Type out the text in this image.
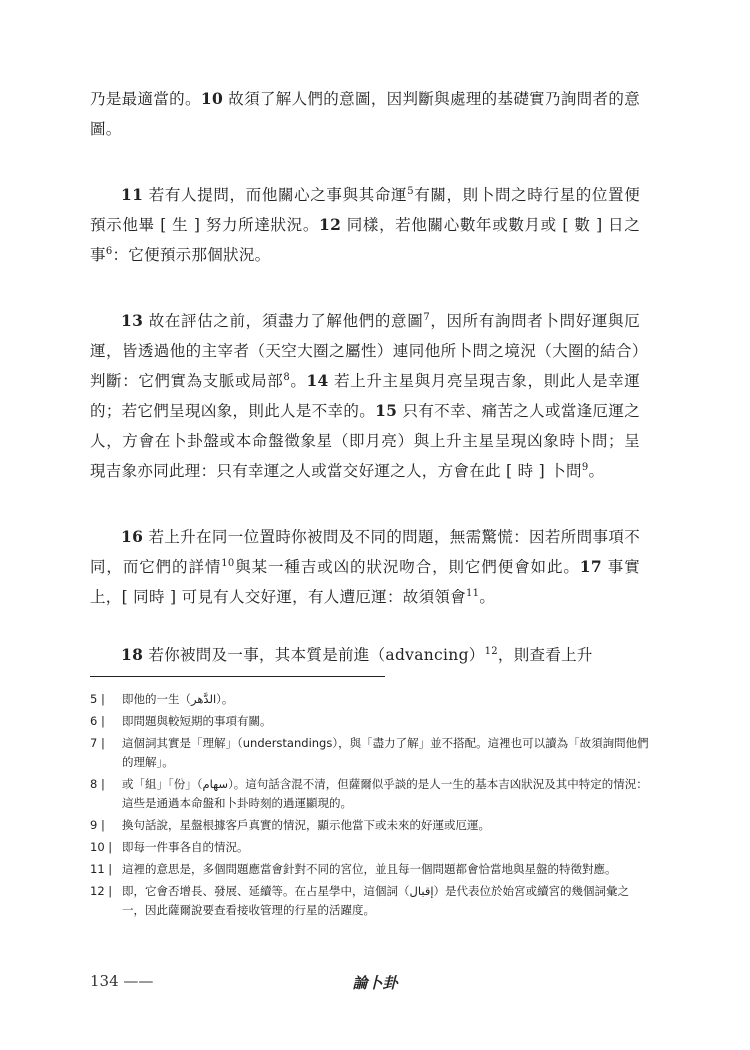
乃是最適當的。10 故須了解人們的意圖，因判斷與處理的基礎實乃詢問者的意圖。

11 若有人提問，而他關心之事與其命運$^5$有關，則卜問之時行星的位置便預示他畢 [ 生 ] 努力所達狀況。12 同樣，若他關心數年或數月或 [ 數 ] 日之事$^6$：它便預示那個狀況。

13 故在評估之前，須盡力了解他們的意圖$^7$，因所有詢問者卜問好運與厄運，皆透過他的主宰者（天空大圈之屬性）連同他所卜問之境況（大圈的結合）判斷：它們實為支脈或局部$^8$。14 若上升主星與月亮呈現吉象，則此人是幸運的；若它們呈現凶象，則此人是不幸的。15 只有不幸、痛苦之人或當逢厄運之人，方會在卜卦盤或本命盤徵象星（即月亮）與上升主星呈現凶象時卜問；呈現吉象亦同此理：只有幸運之人或當交好運之人，方會在此 [ 時 ] 卜問$^9$。

16 若上升在同一位置時你被問及不同的問題，無需驚慌：因若所問事項不同，而它們的詳情$^{10}$與某一種吉或凶的狀況吻合，則它們便會如此。17 事實上，[ 同時 ] 可見有人交好運，有人遭厄運：故須領會$^{11}$。

18 若你被問及一事，其本質是前進（advancing）$^{12}$，則查看上升

5 |	即他的一生（الدَّهر）。
6 |	即問題與較短期的事項有關。
7 |	這個詞其實是「理解」（understandings），與「盡力了解」並不搭配。這裡也可以讀為「故須詢問他們的理解」。
8 |	或「組」「份」（سهام）。這句話含混不清，但薩爾似乎談的是人一生的基本吉凶狀況及其中特定的情況：這些是通過本命盤和卜卦時刻的過運顯現的。
9 |	換句話說，星盤根據客戶真實的情況，顯示他當下或未來的好運或厄運。
10 | 即每一件事各自的情況。
11 | 這裡的意思是，多個問題應當會針對不同的宮位，並且每一個問題都會恰當地與星盤的特徵對應。
12 | 即，它會否增長、發展、延續等。在占星學中，這個詞（إقبال）是代表位於始宮或續宮的幾個詞彙之一，因此薩爾說要查看接收管理的行星的活躍度。
134 ——	論卜卦
